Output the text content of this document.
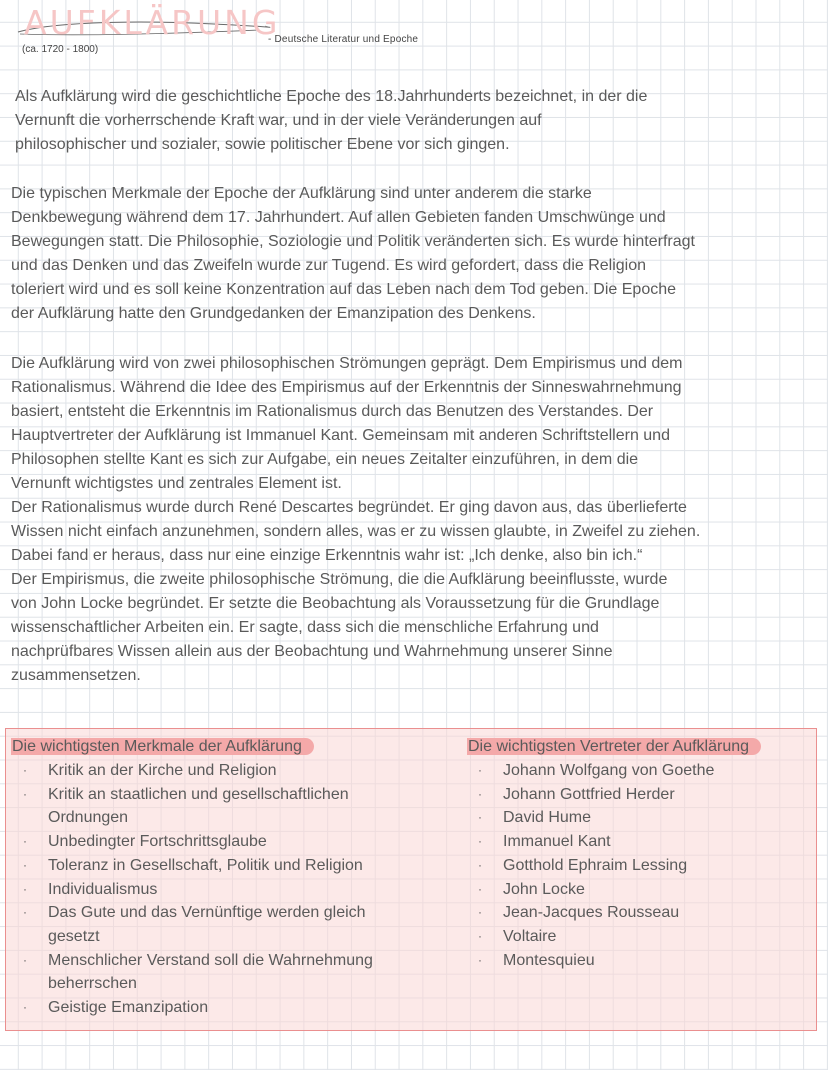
AUFKLÄRUNG
(ca. 1720 - 1800)
- Deutsche Literatur und Epoche

Als Aufklärung wird die geschichtliche Epoche des 18.Jahrhunderts bezeichnet, in der die
Vernunft die vorherrschende Kraft war, und in der viele Veränderungen auf
philosophischer und sozialer, sowie politischer Ebene vor sich gingen.

Die typischen Merkmale der Epoche der Aufklärung sind unter anderem die starke
Denkbewegung während dem 17. Jahrhundert. Auf allen Gebieten fanden Umschwünge und
Bewegungen statt. Die Philosophie, Soziologie und Politik veränderten sich. Es wurde hinterfragt
und das Denken und das Zweifeln wurde zur Tugend. Es wird gefordert, dass die Religion
toleriert wird und es soll keine Konzentration auf das Leben nach dem Tod geben. Die Epoche
der Aufklärung hatte den Grundgedanken der Emanzipation des Denkens.

Die Aufklärung wird von zwei philosophischen Strömungen geprägt. Dem Empirismus und dem
Rationalismus. Während die Idee des Empirismus auf der Erkenntnis der Sinneswahrnehmung
basiert, entsteht die Erkenntnis im Rationalismus durch das Benutzen des Verstandes. Der
Hauptvertreter der Aufklärung ist Immanuel Kant. Gemeinsam mit anderen Schriftstellern und
Philosophen stellte Kant es sich zur Aufgabe, ein neues Zeitalter einzuführen, in dem die
Vernunft wichtigstes und zentrales Element ist.
Der Rationalismus wurde durch René Descartes begründet. Er ging davon aus, das überlieferte
Wissen nicht einfach anzunehmen, sondern alles, was er zu wissen glaubte, in Zweifel zu ziehen.
Dabei fand er heraus, dass nur eine einzige Erkenntnis wahr ist: „Ich denke, also bin ich.“
Der Empirismus, die zweite philosophische Strömung, die die Aufklärung beeinflusste, wurde
von John Locke begründet. Er setzte die Beobachtung als Voraussetzung für die Grundlage
wissenschaftlicher Arbeiten ein. Er sagte, dass sich die menschliche Erfahrung und
nachprüfbares Wissen allein aus der Beobachtung und Wahrnehmung unserer Sinne
zusammensetzen.

Die wichtigsten Merkmale der Aufklärung	Die wichtigsten Vertreter der Aufklärung
·	Kritik an der Kirche und Religion
·	Kritik an staatlichen und gesellschaftlichen
Ordnungen
·	Unbedingter Fortschrittsglaube
·	Toleranz in Gesellschaft, Politik und Religion
·	Individualismus
·	Das Gute und das Vernünftige werden gleich
gesetzt
·	Menschlicher Verstand soll die Wahrnehmung
beherrschen
·	Geistige Emanzipation
·	Johann Wolfgang von Goethe
·	Johann Gottfried Herder
·	David Hume
·	Immanuel Kant
·	Gotthold Ephraim Lessing
·	John Locke
·	Jean-Jacques Rousseau
·	Voltaire
·	Montesquieu
